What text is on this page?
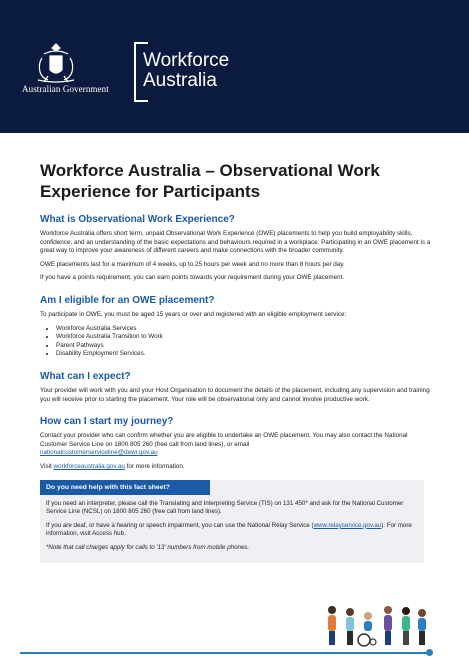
Australian Government
Workforce
Australia
Workforce Australia – Observational Work Experience for Participants
What is Observational Work Experience?

Workforce Australia offers short term, unpaid Observational Work Experience (OWE) placements to help you build employability skills, confidence, and an understanding of the basic expectations and behaviours required in a workplace. Participating in an OWE placement is a great way to improve your awareness of different careers and make connections with the broader community.

OWE placements last for a maximum of 4 weeks, up to 25 hours per week and no more than 8 hours per day.

If you have a points requirement, you can earn points towards your requirement during your OWE placement.

Am I eligible for an OWE placement?

To participate in OWE, you must be aged 15 years or over and registered with an eligible employment service:

• Workforce Australia Services
• Workforce Australia Transition to Work
• Parent Pathways
• Disability Employment Services.
What can I expect?

Your provider will work with you and your Host Organisation to document the details of the placement, including any supervision and training you will receive prior to starting the placement. Your role will be observational only and cannot involve productive work.

How can I start my journey?

Contact your provider who can confirm whether you are eligible to undertake an OWE placement. You may also contact the National Customer Service Line on 1800 805 260 (free call from land lines), or email
nationalcustomerserviceline@dewr.gov.au

Visit workforceaustralia.gov.au for more information.

Do you need help with this fact sheet?

If you need an interpreter, please call the Translating and Interpreting Service (TIS) on 131 450* and ask for the National Customer Service Line (NCSL) on 1800 805 260 (free call from land lines).

If you are deaf, or have a hearing or speech impairment, you can use the National Relay Service (www.relayservice.gov.au). For more information, visit Access hub.

*Note that call charges apply for calls to '13' numbers from mobile phones.
